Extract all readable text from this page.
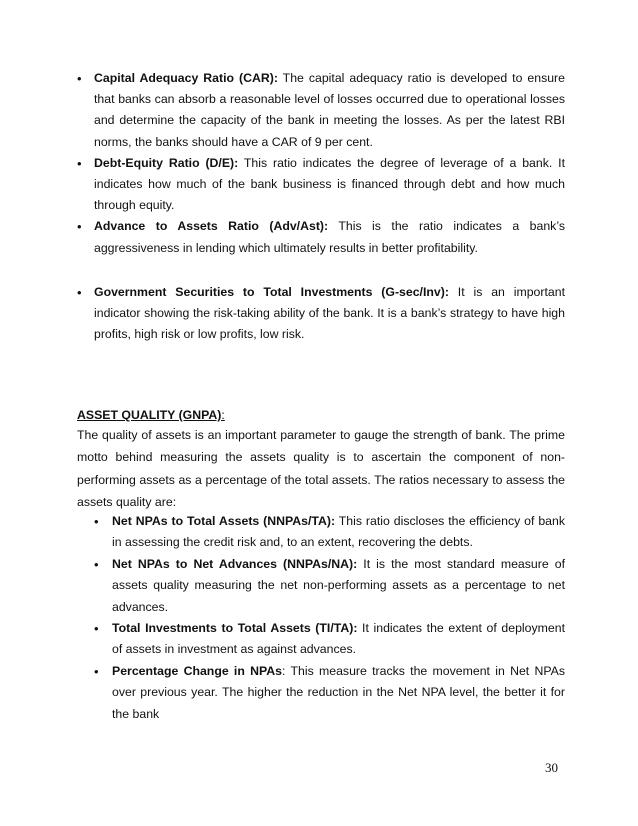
• Capital Adequacy Ratio (CAR): The capital adequacy ratio is developed to ensure that banks can absorb a reasonable level of losses occurred due to operational losses and determine the capacity of the bank in meeting the losses. As per the latest RBI norms, the banks should have a CAR of 9 per cent.
• Debt-Equity Ratio (D/E): This ratio indicates the degree of leverage of a bank. It indicates how much of the bank business is financed through debt and how much through equity.
• Advance to Assets Ratio (Adv/Ast): This is the ratio indicates a bank’s aggressiveness in lending which ultimately results in better profitability.
• Government Securities to Total Investments (G-sec/Inv): It is an important indicator showing the risk-taking ability of the bank. It is a bank’s strategy to have high profits, high risk or low profits, low risk.
ASSET QUALITY (GNPA):
The quality of assets is an important parameter to gauge the strength of bank. The prime motto behind measuring the assets quality is to ascertain the component of non-performing assets as a percentage of the total assets. The ratios necessary to assess the assets quality are:
• Net NPAs to Total Assets (NNPAs/TA): This ratio discloses the efficiency of bank in assessing the credit risk and, to an extent, recovering the debts.
• Net NPAs to Net Advances (NNPAs/NA): It is the most standard measure of assets quality measuring the net non-performing assets as a percentage to net advances.
• Total Investments to Total Assets (TI/TA): It indicates the extent of deployment of assets in investment as against advances.
• Percentage Change in NPAs: This measure tracks the movement in Net NPAs over previous year. The higher the reduction in the Net NPA level, the better it for the bank
30
